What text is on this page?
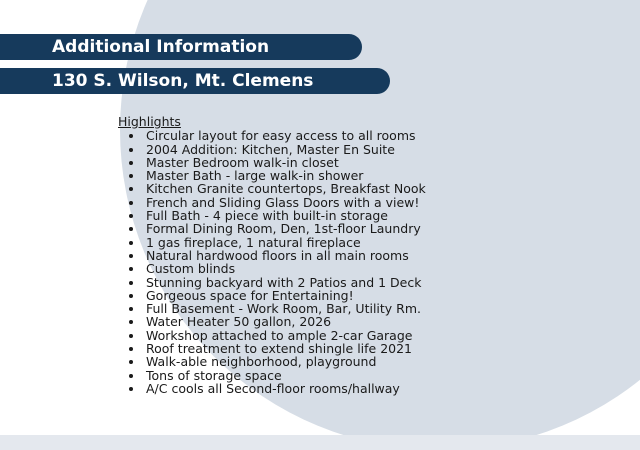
Additional Information
130 S. Wilson, Mt. Clemens
Highlights
Circular layout for easy access to all rooms
2004 Addition: Kitchen, Master En Suite
Master Bedroom walk-in closet
Master Bath - large walk-in shower
Kitchen Granite countertops, Breakfast Nook
French and Sliding Glass Doors with a view!
Full Bath - 4 piece with built-in storage
Formal Dining Room, Den, 1st-floor Laundry
1 gas fireplace, 1 natural fireplace
Natural hardwood floors in all main rooms
Custom blinds
Stunning backyard with 2 Patios and 1 Deck
Gorgeous space for Entertaining!
Full Basement - Work Room, Bar, Utility Rm.
Water Heater 50 gallon, 2026
Workshop attached to ample 2-car Garage
Roof treatment to extend shingle life 2021
Walk-able neighborhood, playground
Tons of storage space
A/C cools all Second-floor rooms/hallway
